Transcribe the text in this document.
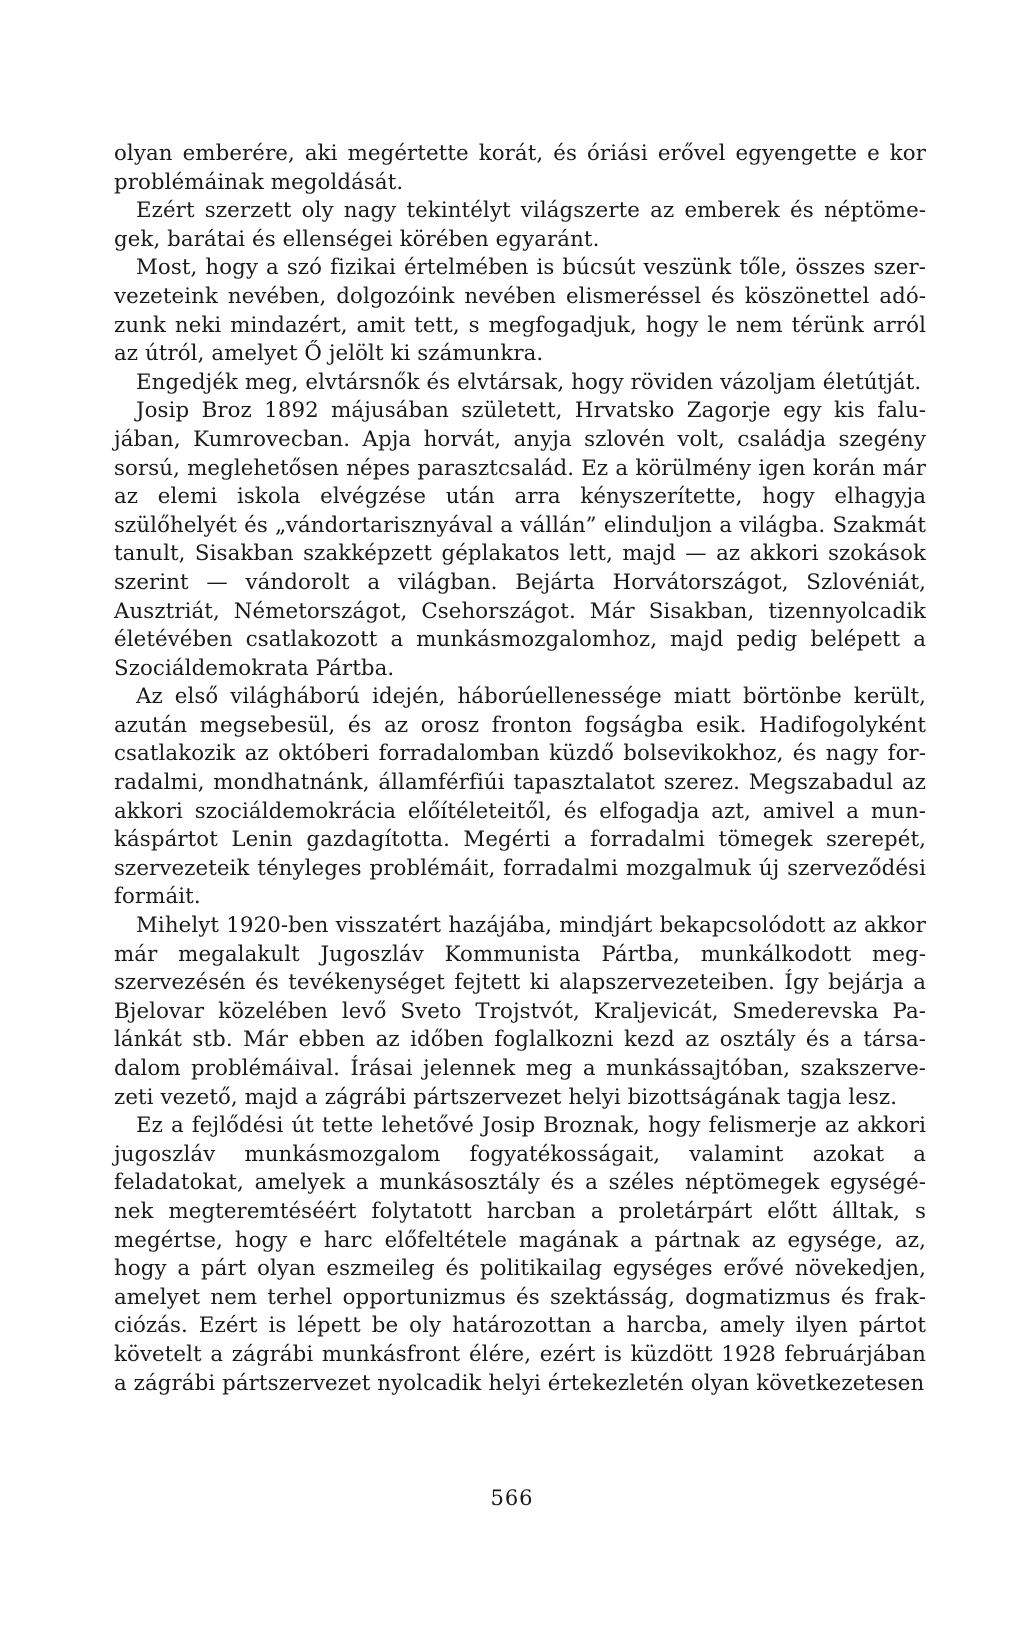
olyan emberére, aki megértette korát, és óriási erővel egyengette e kor problémáinak megoldását.

Ezért szerzett oly nagy tekintélyt világszerte az emberek és néptömegek, barátai és ellenségei körében egyaránt.

Most, hogy a szó fizikai értelmében is búcsút veszünk tőle, összes szervezeteink nevében, dolgozóink nevében elismeréssel és köszönettel adózunk neki mindazért, amit tett, s megfogadjuk, hogy le nem térünk arról az útról, amelyet Ő jelölt ki számunkra.

Engedjék meg, elvtársnők és elvtársak, hogy röviden vázoljam életútját.

Josip Broz 1892 májusában született, Hrvatsko Zagorje egy kis falujában, Kumrovecban. Apja horvát, anyja szlovén volt, családja szegény sorsú, meglehetősen népes parasztcsalád. Ez a körülmény igen korán már az elemi iskola elvégzése után arra kényszerítette, hogy elhagyja szülőhelyét és „vándortarisznyával a vállán” elinduljon a világba. Szakmát tanult, Sisakban szakképzett géplakatos lett, majd — az akkori szokások szerint — vándorolt a világban. Bejárta Horvátországot, Szlovéniát, Ausztriát, Németországot, Csehországot. Már Sisakban, tizennyolcadik életévében csatlakozott a munkásmozgalomhoz, majd pedig belépett a Szociáldemokrata Pártba.

Az első világháború idején, háborúellenessége miatt börtönbe került, azután megsebesül, és az orosz fronton fogságba esik. Hadifogolyként csatlakozik az októberi forradalomban küzdő bolsevikokhoz, és nagy forradalmi, mondhatnánk, államférfiúi tapasztalatot szerez. Megszabadul az akkori szociáldemokrácia előítéleteitől, és elfogadja azt, amivel a munkáspártot Lenin gazdagította. Megérti a forradalmi tömegek szerepét, szervezeteik tényleges problémáit, forradalmi mozgalmuk új szerveződési formáit.

Mihelyt 1920-ben visszatért hazájába, mindjárt bekapcsolódott az akkor már megalakult Jugoszláv Kommunista Pártba, munkálkodott megszervezésén és tevékenységet fejtett ki alapszervezeteiben. Így bejárja a Bjelovar közelében levő Sveto Trojstvót, Kraljevicát, Smederevska Palánkát stb. Már ebben az időben foglalkozni kezd az osztály és a társadalom problémáival. Írásai jelennek meg a munkássajtóban, szakszervezeti vezető, majd a zágrábi pártszervezet helyi bizottságának tagja lesz.

Ez a fejlődési út tette lehetővé Josip Broznak, hogy felismerje az akkori jugoszláv munkásmozgalom fogyatékosságait, valamint azokat a feladatokat, amelyek a munkásosztály és a széles néptömegek egységének megteremtéséért folytatott harcban a proletárpárt előtt álltak, s megértse, hogy e harc előfeltétele magának a pártnak az egysége, az, hogy a párt olyan eszmeileg és politikailag egységes erővé növekedjen, amelyet nem terhel opportunizmus és szektásság, dogmatizmus és frakciózás. Ezért is lépett be oly határozottan a harcba, amely ilyen pártot követelt a zágrábi munkásfront élére, ezért is küzdött 1928 februárjában a zágrábi pártszervezet nyolcadik helyi értekezletén olyan következetesen

566
